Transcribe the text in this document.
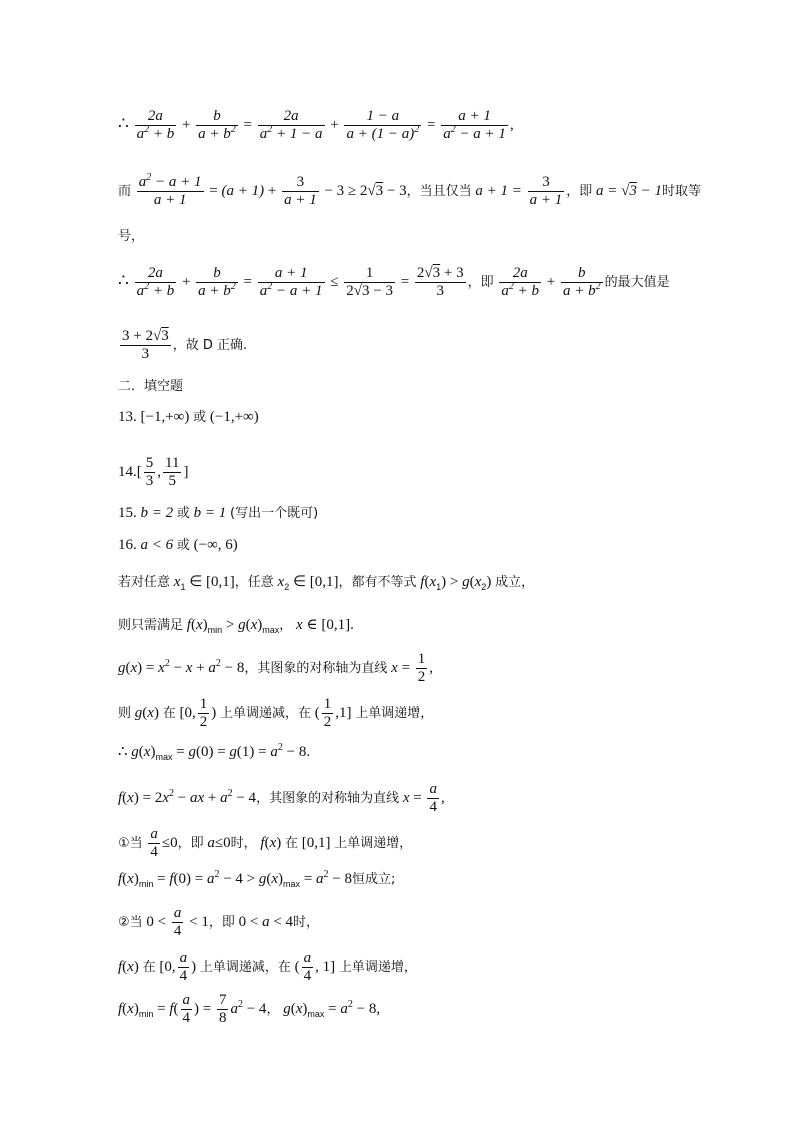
∴ $\frac{2a}{a^2 + b} + \frac{b}{a + b^2} = \frac{2a}{a^2 + 1 - a} + \frac{1 - a}{a + (1 - a)^2} = \frac{a + 1}{a^2 - a + 1}$ ,
而 $\frac{a^2 - a + 1}{a + 1} = (a + 1) + \frac{3}{a + 1} - 3 \ge 2√3 - 3$，当且仅当 $a + 1 = \frac{3}{a + 1}$ ，即 a = √3 − 1时取等
号，
∴ $\frac{2a}{a^2 + b} + \frac{b}{a + b^2} = \frac{a + 1}{a^2 - a + 1} \le \frac{1}{2√3 - 3} = \frac{2√3 + 3}{3}$ ，即 $\frac{2a}{a^2 + b} + \frac{b}{a + b^2}$ 的最大值是
$\frac{3 + 2√3}{3}$ ，故 D 正确.
二．填空题
13. [−1,+∞) 或 (−1,+∞)
$14.[ \frac{5}{3}$ , $\frac{11}{5}$ ]
15. b = 2 或 b = 1 (写出一个既可)
16. a < 6 或 (−∞, 6)
若对任意 $x_1$ ∈ [0,1]，任意 $x_2$ ∈ [0,1]，都有不等式 $f(x_1) > g(x_2)$ 成立，
则只需满足 $f(x)_{min} > g(x)_{max}$， x ∈ [0,1].
$g(x) = x^2 - x + a^2 - 8$，其图象的对称轴为直线 $x = \frac{1}{2}$ ,
则 g(x) 在 [0, $\frac{1}{2}$ ) 上单调递减，在 ( $\frac{1}{2} ,1$] 上单调递增，
∴ $g(x)_{max} = g(0) = g(1) = a^2 - 8$.
$f(x) = 2x^2$ − ax + $a^2 - 4$，其图象的对称轴为直线 $x = \frac{a}{4}$ ,
①当 $\frac{a}{4} \le 0$，即 a≤0时， f(x) 在 [0,1] 上单调递增，
$f(x)_{min} = f(0) = a^2 - 4 > g(x)_{max} = a^2 - 8$恒成立;
②当 $0 < \frac{a}{4} < 1$，即 0 < a < 4时，
f(x) 在 [0, $\frac{a}{4}$ ) 上单调递减，在 ( $\frac{a}{4}$ , 1] 上单调递增，
$f(x)_{min} = f( \frac{a}{4}$ ) = $\frac{7}{8} a^2 - 4$， $g(x)_{max} = a^2 - 8$,
